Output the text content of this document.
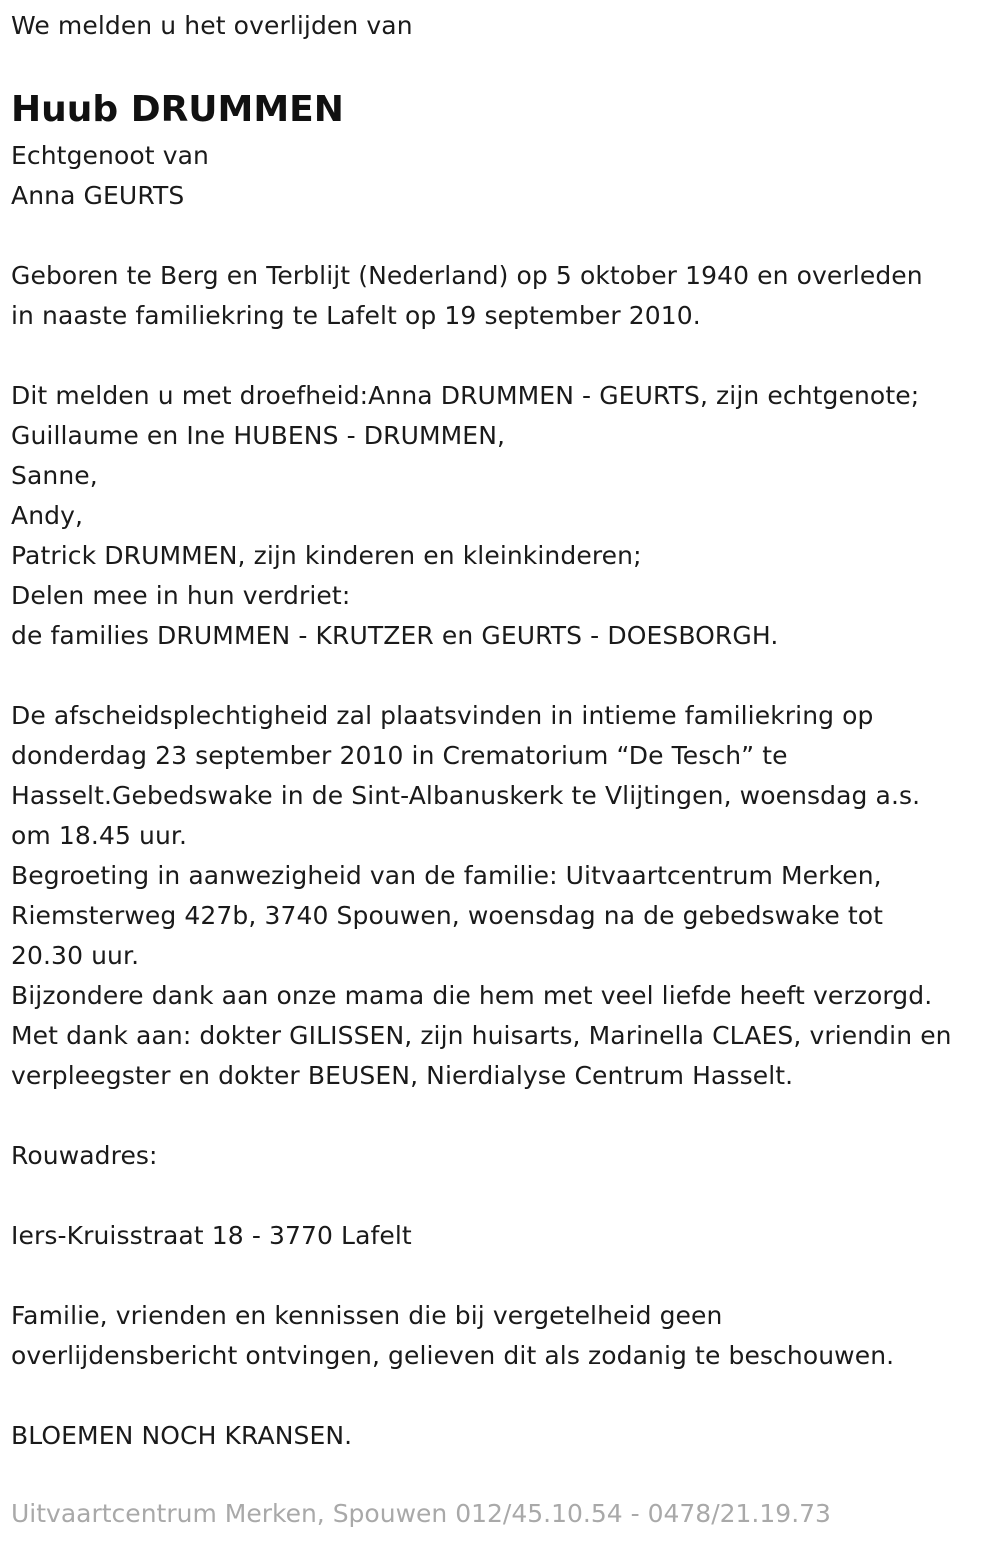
We melden u het overlijden van
Huub DRUMMEN
Echtgenoot van
Anna GEURTS
Geboren te Berg en Terblijt (Nederland) op 5 oktober 1940 en overleden
in naaste familiekring te Lafelt op 19 september 2010.
Dit melden u met droefheid:Anna DRUMMEN - GEURTS, zijn echtgenote;
Guillaume en Ine HUBENS - DRUMMEN,
Sanne,
Andy,
Patrick DRUMMEN, zijn kinderen en kleinkinderen;
Delen mee in hun verdriet:
de families DRUMMEN - KRUTZER en GEURTS - DOESBORGH.
De afscheidsplechtigheid zal plaatsvinden in intieme familiekring op
donderdag 23 september 2010 in Crematorium “De Tesch” te
Hasselt.Gebedswake in de Sint-Albanuskerk te Vlijtingen, woensdag a.s.
om 18.45 uur.
Begroeting in aanwezigheid van de familie: Uitvaartcentrum Merken,
Riemsterweg 427b, 3740 Spouwen, woensdag na de gebedswake tot
20.30 uur.
Bijzondere dank aan onze mama die hem met veel liefde heeft verzorgd.
Met dank aan: dokter GILISSEN, zijn huisarts, Marinella CLAES, vriendin en
verpleegster en dokter BEUSEN, Nierdialyse Centrum Hasselt.
Rouwadres:
Iers-Kruisstraat 18 - 3770 Lafelt
Familie, vrienden en kennissen die bij vergetelheid geen
overlijdensbericht ontvingen, gelieven dit als zodanig te beschouwen.
BLOEMEN NOCH KRANSEN.
Uitvaartcentrum Merken, Spouwen 012/45.10.54 - 0478/21.19.73
